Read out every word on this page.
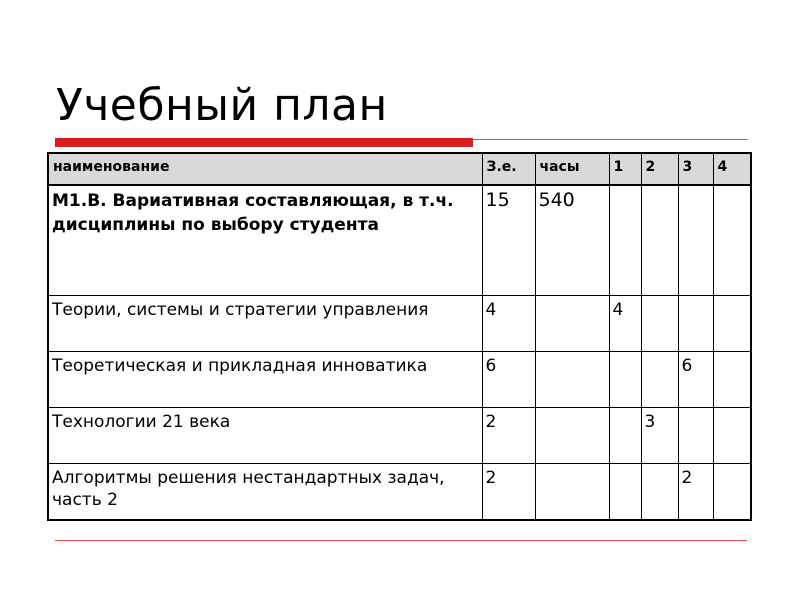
Учебный план
наименование	З.е.	часы	1	2	3	4
М1.В. Вариативная составляющая, в т.ч. дисциплины по выбору студента	15	540				
Теории, системы и стратегии управления	4		4			
Теоретическая и прикладная инноватика	6				6	
Технологии 21 века	2			3		
Алгоритмы решения нестандартных задач, часть 2	2				2	
